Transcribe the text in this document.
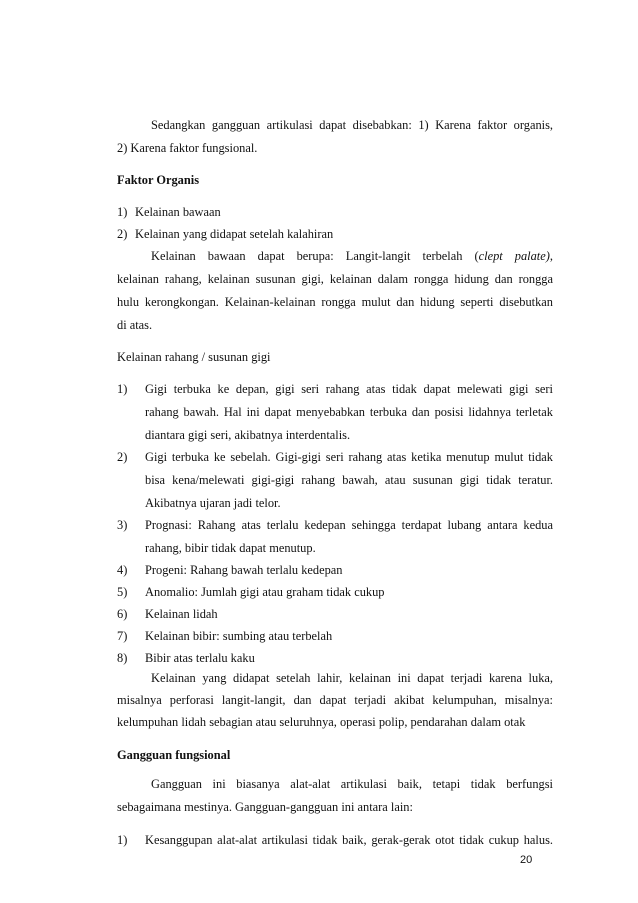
Sedangkan gangguan artikulasi dapat disebabkan: 1) Karena faktor organis,
2) Karena faktor fungsional.
Faktor Organis
1) Kelainan bawaan
2) Kelainan yang didapat setelah kalahiran
Kelainan bawaan dapat berupa: Langit-langit terbelah (clept palate),
kelainan rahang, kelainan susunan gigi, kelainan dalam rongga hidung dan rongga
hulu kerongkongan. Kelainan-kelainan rongga mulut dan hidung seperti disebutkan
di atas.
Kelainan rahang / susunan gigi
1) Gigi terbuka ke depan, gigi seri rahang atas tidak dapat melewati gigi seri
rahang bawah. Hal ini dapat menyebabkan terbuka dan posisi lidahnya terletak
diantara gigi seri, akibatnya interdentalis.
2) Gigi terbuka ke sebelah. Gigi-gigi seri rahang atas ketika menutup mulut tidak
bisa kena/melewati gigi-gigi rahang bawah, atau susunan gigi tidak teratur.
Akibatnya ujaran jadi telor.
3) Prognasi: Rahang atas terlalu kedepan sehingga terdapat lubang antara kedua
rahang, bibir tidak dapat menutup.
4) Progeni: Rahang bawah terlalu kedepan
5) Anomalio: Jumlah gigi atau graham tidak cukup
6) Kelainan lidah
7) Kelainan bibir: sumbing atau terbelah
8) Bibir atas terlalu kaku
Kelainan yang didapat setelah lahir, kelainan ini dapat terjadi karena luka,
misalnya perforasi langit-langit, dan dapat terjadi akibat kelumpuhan, misalnya:
kelumpuhan lidah sebagian atau seluruhnya, operasi polip, pendarahan dalam otak
Gangguan fungsional
Gangguan ini biasanya alat-alat artikulasi baik, tetapi tidak berfungsi
sebagaimana mestinya. Gangguan-gangguan ini antara lain:
1) Kesanggupan alat-alat artikulasi tidak baik, gerak-gerak otot tidak cukup halus.
20
